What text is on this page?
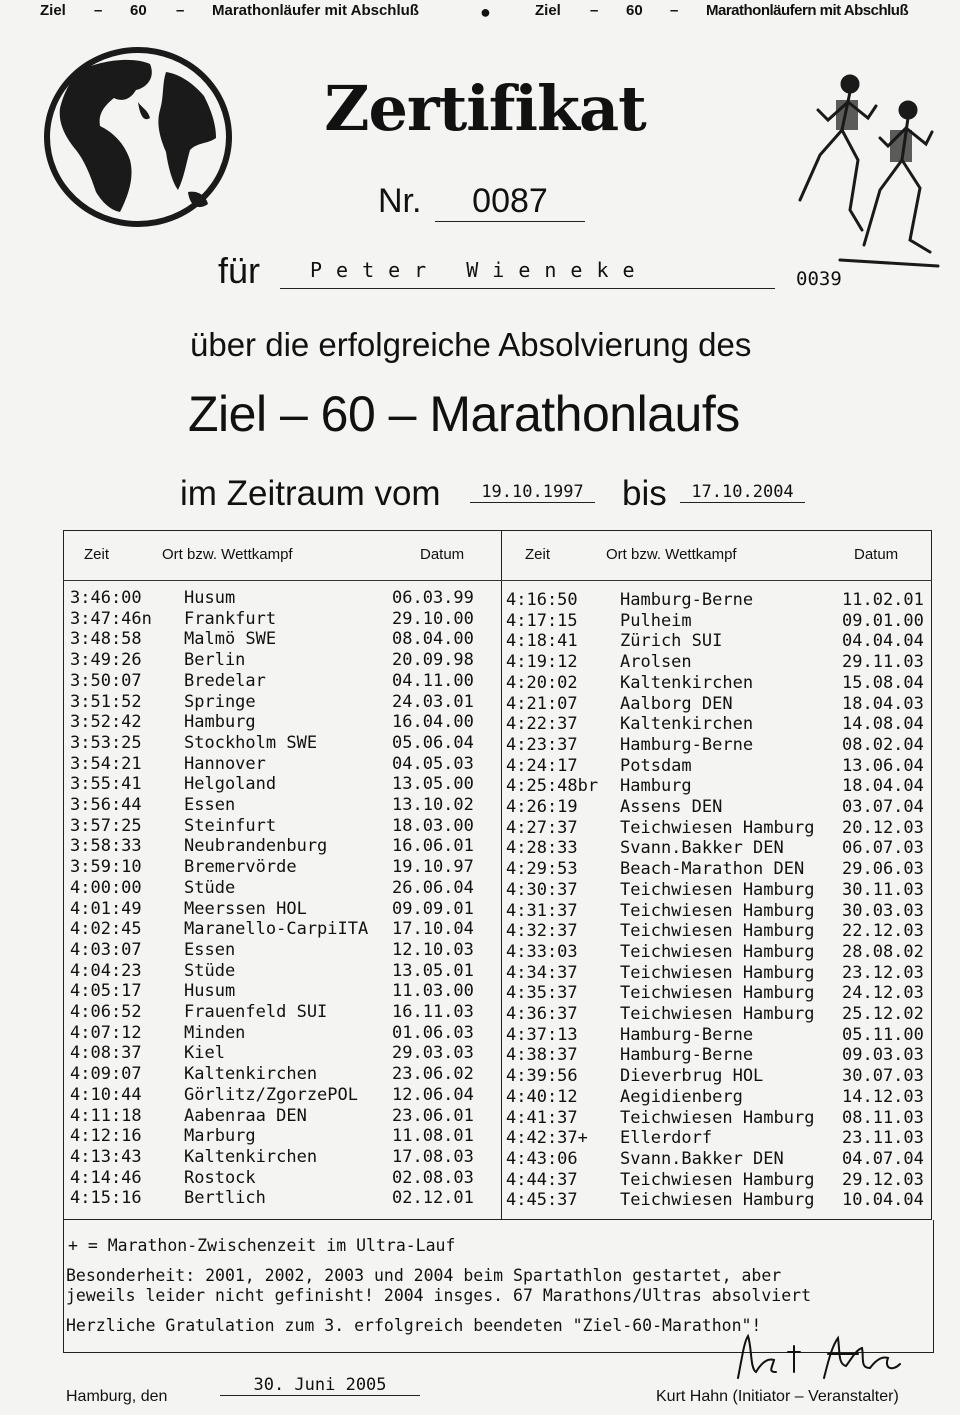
Ziel – 60 – Marathonläufer mit Abschluß	●	Ziel – 60 – Marathonläufern mit Abschluß
Zertifikat
Nr.	0087
für	Peter Wieneke	0039
über die erfolgreiche Absolvierung des
Ziel – 60 – Marathonlaufs
im Zeitraum vom	19.10.1997	bis	17.10.2004
Zeit	Ort bzw. Wettkampf	Datum	Zeit	Ort bzw. Wettkampf	Datum
3:46:00 Husum	06.03.99
3:47:46n Frankfurt	29.10.00
3:48:58 Malmö SWE	08.04.00
3:49:26 Berlin	20.09.98
3:50:07 Bredelar	04.11.00
3:51:52 Springe	24.03.01
3:52:42 Hamburg	16.04.00
3:53:25 Stockholm SWE	05.06.04
3:54:21 Hannover	04.05.03
3:55:41 Helgoland	13.05.00
3:56:44 Essen	13.10.02
3:57:25 Steinfurt	18.03.00
3:58:33 Neubrandenburg	16.06.01
3:59:10 Bremervörde	19.10.97
4:00:00 Stüde	26.06.04
4:01:49 Meerssen HOL	09.09.01
4:02:45 Maranello-CarpiITA 17.10.04
4:03:07 Essen	12.10.03
4:04:23 Stüde	13.05.01
4:05:17 Husum	11.03.00
4:06:52 Frauenfeld SUI	16.11.03
4:07:12 Minden	01.06.03
4:08:37 Kiel	29.03.03
4:09:07 Kaltenkirchen	23.06.02
4:10:44 Görlitz/ZgorzePOL 12.06.04
4:11:18 Aabenraa DEN	23.06.01
4:12:16 Marburg	11.08.01
4:13:43 Kaltenkirchen	17.08.03
4:14:46 Rostock	02.08.03
4:15:16 Bertlich	02.12.01
4:16:50 Hamburg-Berne	11.02.01
4:17:15 Pulheim	09.01.00
4:18:41 Zürich SUI	04.04.04
4:19:12 Arolsen	29.11.03
4:20:02 Kaltenkirchen	15.08.04
4:21:07 Aalborg DEN	18.04.03
4:22:37 Kaltenkirchen	14.08.04
4:23:37 Hamburg-Berne	08.02.04
4:24:17 Potsdam	13.06.04
4:25:48br Hamburg	18.04.04
4:26:19 Assens DEN	03.07.04
4:27:37 Teichwiesen Hamburg 20.12.03
4:28:33 Svann.Bakker DEN	06.07.03
4:29:53 Beach-Marathon DEN 29.06.03
4:30:37 Teichwiesen Hamburg 30.11.03
4:31:37 Teichwiesen Hamburg 30.03.03
4:32:37 Teichwiesen Hamburg 22.12.03
4:33:03 Teichwiesen Hamburg 28.08.02
4:34:37 Teichwiesen Hamburg 23.12.03
4:35:37 Teichwiesen Hamburg 24.12.03
4:36:37 Teichwiesen Hamburg 25.12.02
4:37:13 Hamburg-Berne	05.11.00
4:38:37 Hamburg-Berne	09.03.03
4:39:56 Dieverbrug HOL	30.07.03
4:40:12 Aegidienberg	14.12.03
4:41:37 Teichwiesen Hamburg 08.11.03
4:42:37+ Ellerdorf	23.11.03
4:43:06 Svann.Bakker DEN	04.07.04
4:44:37 Teichwiesen Hamburg 29.12.03
4:45:37 Teichwiesen Hamburg 10.04.04
+ = Marathon-Zwischenzeit im Ultra-Lauf
Besonderheit: 2001, 2002, 2003 und 2004 beim Spartathlon gestartet, aber
jeweils leider nicht gefinisht! 2004 insges. 67 Marathons/Ultras absolviert
Herzliche Gratulation zum 3. erfolgreich beendeten "Ziel-60-Marathon"!
Hamburg, den
30. Juni 2005
Kurt Hahn (Initiator – Veranstalter)
